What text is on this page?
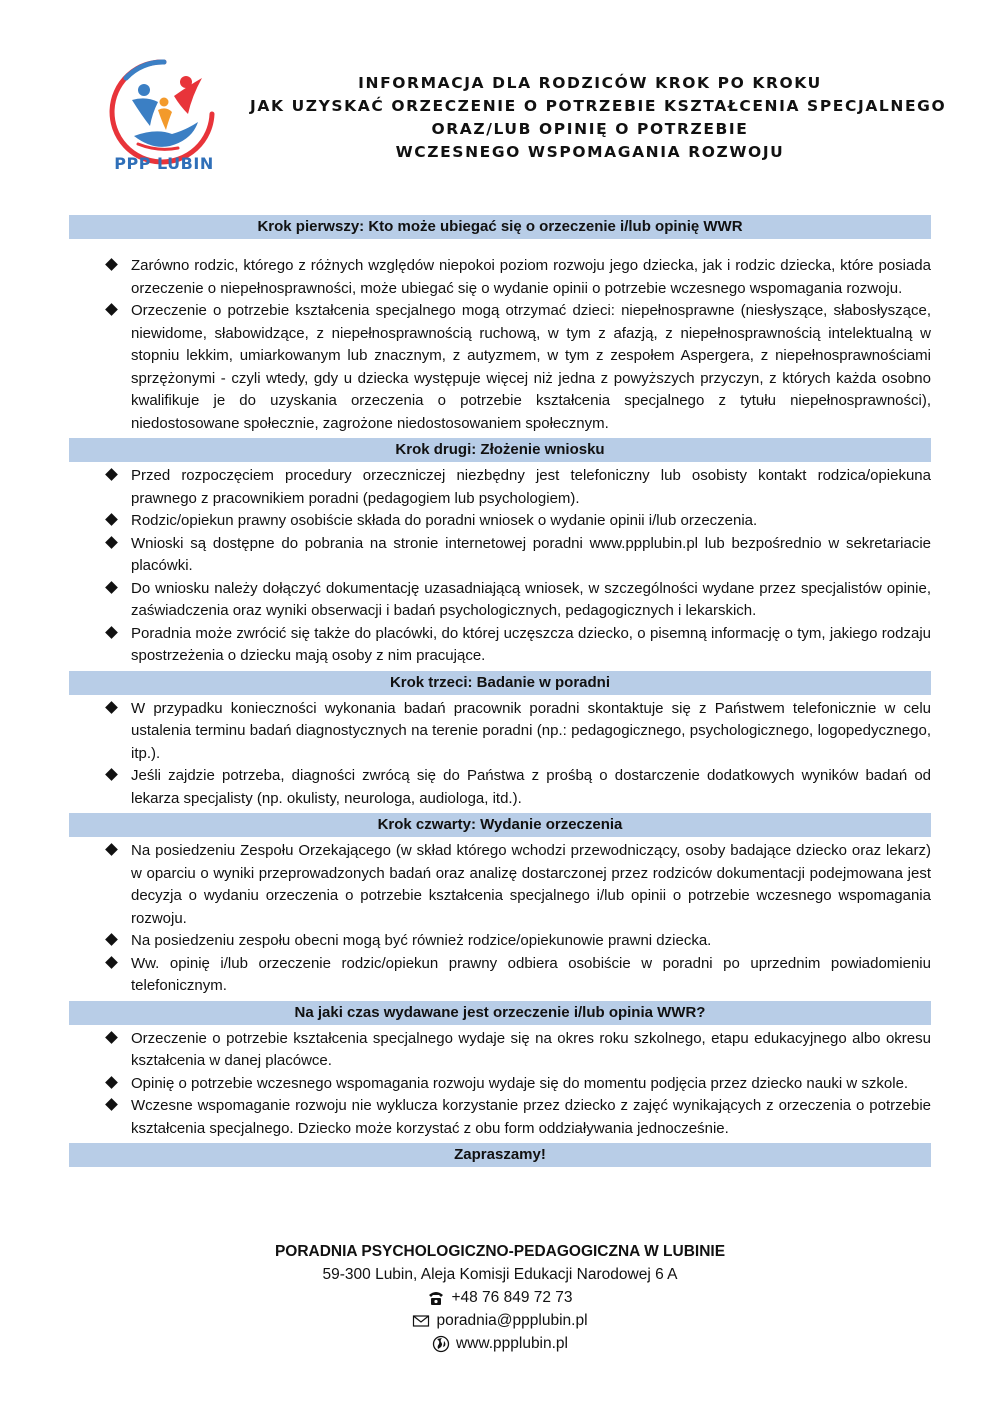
PPP LUBIN
INFORMACJA DLA RODZICÓW KROK PO KROKU
JAK UZYSKAĆ ORZECZENIE O POTRZEBIE KSZTAŁCENIA SPECJALNEGO
ORAZ/LUB OPINIĘ O POTRZEBIE
WCZESNEGO WSPOMAGANIA ROZWOJU
Krok pierwszy: Kto może ubiegać się o orzeczenie i/lub opinię WWR
Zarówno rodzic, którego z różnych względów niepokoi poziom rozwoju jego dziecka, jak i rodzic dziecka, które posiada orzeczenie o niepełnosprawności, może ubiegać się o wydanie opinii o potrzebie wczesnego wspomagania rozwoju.
Orzeczenie o potrzebie kształcenia specjalnego mogą otrzymać dzieci: niepełnosprawne (niesłyszące, słabosłyszące, niewidome, słabowidzące, z niepełnosprawnością ruchową, w tym z afazją, z niepełnosprawnością intelektualną w stopniu lekkim, umiarkowanym lub znacznym, z autyzmem, w tym z zespołem Aspergera, z niepełnosprawnościami sprzężonymi - czyli wtedy, gdy u dziecka występuje więcej niż jedna z powyższych przyczyn, z których każda osobno kwalifikuje je do uzyskania orzeczenia o potrzebie kształcenia specjalnego z tytułu niepełnosprawności), niedostosowane społecznie, zagrożone niedostosowaniem społecznym.
Krok drugi: Złożenie wniosku
Przed rozpoczęciem procedury orzeczniczej niezbędny jest telefoniczny lub osobisty kontakt rodzica/opiekuna prawnego z pracownikiem poradni (pedagogiem lub psychologiem).
Rodzic/opiekun prawny osobiście składa do poradni wniosek o wydanie opinii i/lub orzeczenia.
Wnioski są dostępne do pobrania na stronie internetowej poradni www.ppplubin.pl lub bezpośrednio w sekretariacie placówki.
Do wniosku należy dołączyć dokumentację uzasadniającą wniosek, w szczególności wydane przez specjalistów opinie, zaświadczenia oraz wyniki obserwacji i badań psychologicznych, pedagogicznych i lekarskich.
Poradnia może zwrócić się także do placówki, do której uczęszcza dziecko, o pisemną informację o tym, jakiego rodzaju spostrzeżenia o dziecku mają osoby z nim pracujące.
Krok trzeci: Badanie w poradni
W przypadku konieczności wykonania badań pracownik poradni skontaktuje się z Państwem telefonicznie w celu ustalenia terminu badań diagnostycznych na terenie poradni (np.: pedagogicznego, psychologicznego, logopedycznego, itp.).
Jeśli zajdzie potrzeba, diagności zwrócą się do Państwa z prośbą o dostarczenie dodatkowych wyników badań od lekarza specjalisty (np. okulisty, neurologa, audiologa, itd.).
Krok czwarty: Wydanie orzeczenia
Na posiedzeniu Zespołu Orzekającego (w skład którego wchodzi przewodniczący, osoby badające dziecko oraz lekarz) w oparciu o wyniki przeprowadzonych badań oraz analizę dostarczonej przez rodziców dokumentacji podejmowana jest decyzja o wydaniu orzeczenia o potrzebie kształcenia specjalnego i/lub opinii o potrzebie wczesnego wspomagania rozwoju.
Na posiedzeniu zespołu obecni mogą być również rodzice/opiekunowie prawni dziecka.
Ww. opinię i/lub orzeczenie rodzic/opiekun prawny odbiera osobiście w poradni po uprzednim powiadomieniu telefonicznym.
Na jaki czas wydawane jest orzeczenie i/lub opinia WWR?
Orzeczenie o potrzebie kształcenia specjalnego wydaje się na okres roku szkolnego, etapu edukacyjnego albo okresu kształcenia w danej placówce.
Opinię o potrzebie wczesnego wspomagania rozwoju wydaje się do momentu podjęcia przez dziecko nauki w szkole.
Wczesne wspomaganie rozwoju nie wyklucza korzystanie przez dziecko z zajęć wynikających z orzeczenia o potrzebie kształcenia specjalnego. Dziecko może korzystać z obu form oddziaływania jednocześnie.
Zapraszamy!
PORADNIA PSYCHOLOGICZNO-PEDAGOGICZNA W LUBINIE
59-300 Lubin, Aleja Komisji Edukacji Narodowej 6 A
+48 76 849 72 73
poradnia@ppplubin.pl
www.ppplubin.pl
